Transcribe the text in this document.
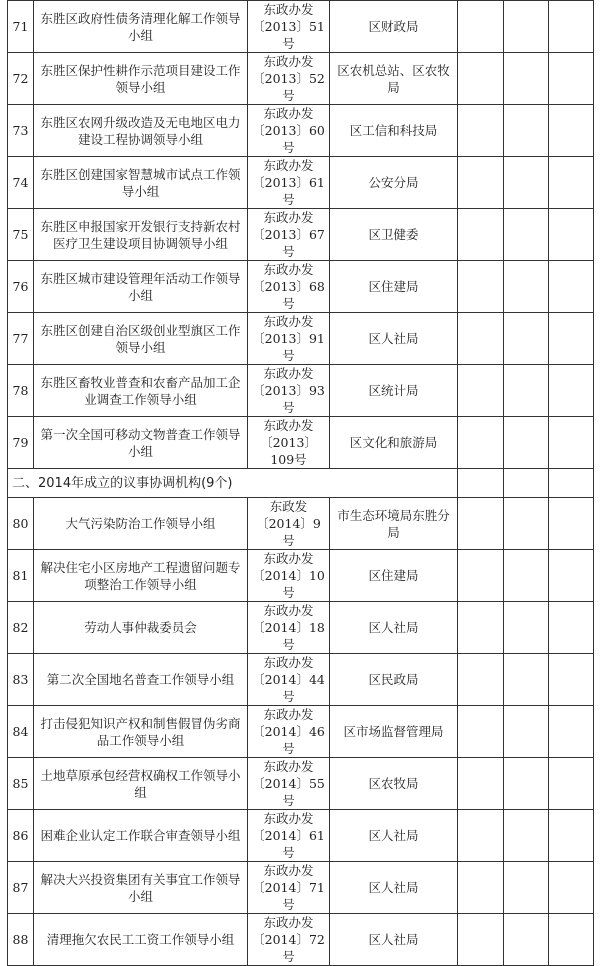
71	东胜区政府性债务清理化解工作领导小组	东政办发〔2013〕51号	区财政局			
72	东胜区保护性耕作示范项目建设工作领导小组	东政办发〔2013〕52号	区农机总站、区农牧局			
73	东胜区农网升级改造及无电地区电力建设工程协调领导小组	东政办发〔2013〕60号	区工信和科技局			
74	东胜区创建国家智慧城市试点工作领导小组	东政办发〔2013〕61号	公安分局			
75	东胜区申报国家开发银行支持新农村医疗卫生建设项目协调领导小组	东政办发〔2013〕67号	区卫健委			
76	东胜区城市建设管理年活动工作领导小组	东政办发〔2013〕68号	区住建局			
77	东胜区创建自治区级创业型旗区工作领导小组	东政办发〔2013〕91号	区人社局			
78	东胜区畜牧业普查和农畜产品加工企业调查工作领导小组	东政办发〔2013〕93号	区统计局			
79	第一次全国可移动文物普查工作领导小组	东政办发〔2013〕109号	区文化和旅游局			
二、2014年成立的议事协调机构(9个)						
80	大气污染防治工作领导小组	东政发〔2014〕9号	市生态环境局东胜分局			
81	解决住宅小区房地产工程遗留问题专项整治工作领导小组	东政办发〔2014〕10号	区住建局			
82	劳动人事仲裁委员会	东政办发〔2014〕18号	区人社局			
83	第二次全国地名普查工作领导小组	东政办发〔2014〕44号	区民政局			
84	打击侵犯知识产权和制售假冒伪劣商品工作领导小组	东政办发〔2014〕46号	区市场监督管理局			
85	土地草原承包经营权确权工作领导小组	东政办发〔2014〕55号	区农牧局			
86	困难企业认定工作联合审查领导小组	东政办发〔2014〕61号	区人社局			
87	解决大兴投资集团有关事宜工作领导小组	东政办发〔2014〕71号	区人社局			
88	清理拖欠农民工工资工作领导小组	东政办发〔2014〕72号	区人社局			
